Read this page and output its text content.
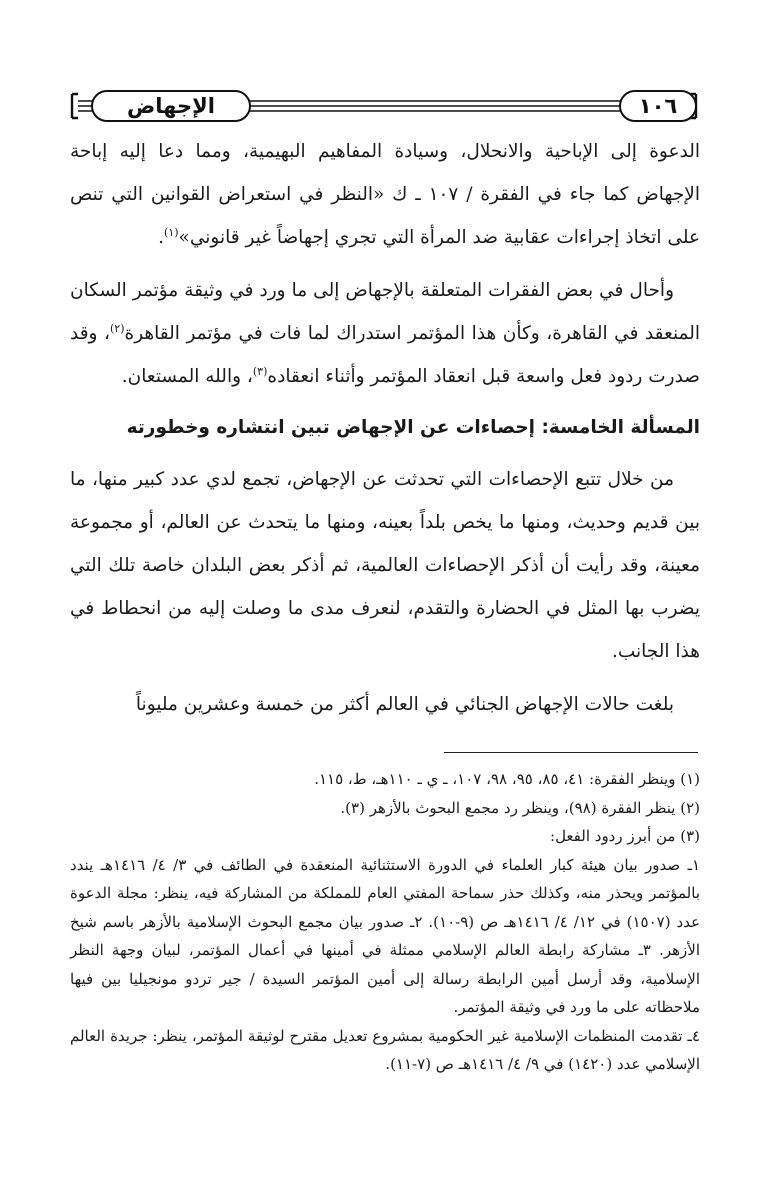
الإجهاض	١٠٦

الدعوة إلى الإباحية والانحلال، وسيادة المفاهيم البهيمية، ومما دعا إليه إباحة الإجهاض كما جاء في الفقرة / ١٠٧ ـ ك «النظر في استعراض القوانين التي تنص على اتخاذ إجراءات عقابية ضد المرأة التي تجري إجهاضاً غير قانوني»$^{(١)}$.

وأحال في بعض الفقرات المتعلقة بالإجهاض إلى ما ورد في وثيقة مؤتمر السكان المنعقد في القاهرة، وكأن هذا المؤتمر استدراك لما فات في مؤتمر القاهرة$^{(٢)}$، وقد صدرت ردود فعل واسعة قبل انعقاد المؤتمر وأثناء انعقاده$^{(٣)}$، والله المستعان.

المسألة الخامسة: إحصاءات عن الإجهاض تبين انتشاره وخطورته

من خلال تتبع الإحصاءات التي تحدثت عن الإجهاض، تجمع لدي عدد كبير منها، ما بين قديم وحديث، ومنها ما يخص بلداً بعينه، ومنها ما يتحدث عن العالم، أو مجموعة معينة، وقد رأيت أن أذكر الإحصاءات العالمية، ثم أذكر بعض البلدان خاصة تلك التي يضرب بها المثل في الحضارة والتقدم، لنعرف مدى ما وصلت إليه من انحطاط في هذا الجانب.

بلغت حالات الإجهاض الجنائي في العالم أكثر من خمسة وعشرين مليوناً

(١) وينظر الفقرة: ٤١، ٨٥، ٩٥، ٩٨، ١٠٧، ـ ي ـ ١١٠هـ، ط، ١١٥.

(٢) ينظر الفقرة (٩٨)، وينظر رد مجمع البحوث بالأزهر (٣).

(٣) من أبرز ردود الفعل:

١ـ صدور بيان هيئة كبار العلماء في الدورة الاستثنائية المنعقدة في الطائف في ٣/ ٤/ ١٤١٦هـ يندد بالمؤتمر ويحذر منه، وكذلك حذر سماحة المفتي العام للمملكة من المشاركة فيه، ينظر: مجلة الدعوة عدد (١٥٠٧) في ١٢/ ٤/ ١٤١٦هـ ص (٩-١٠). ٢ـ صدور بيان مجمع البحوث الإسلامية بالأزهر باسم شيخ الأزهر. ٣ـ مشاركة رابطة العالم الإسلامي ممثلة في أمينها في أعمال المؤتمر، لبيان وجهة النظر الإسلامية، وقد أرسل أمين الرابطة رسالة إلى أمين المؤتمر السيدة / جير تردو مونجيليا بين فيها ملاحظاته على ما ورد في وثيقة المؤتمر.

٤ـ تقدمت المنظمات الإسلامية غير الحكومية بمشروع تعديل مقترح لوثيقة المؤتمر، ينظر: جريدة العالم الإسلامي عدد (١٤٢٠) في ٩/ ٤/ ١٤١٦هـ ص (٧-١١).
